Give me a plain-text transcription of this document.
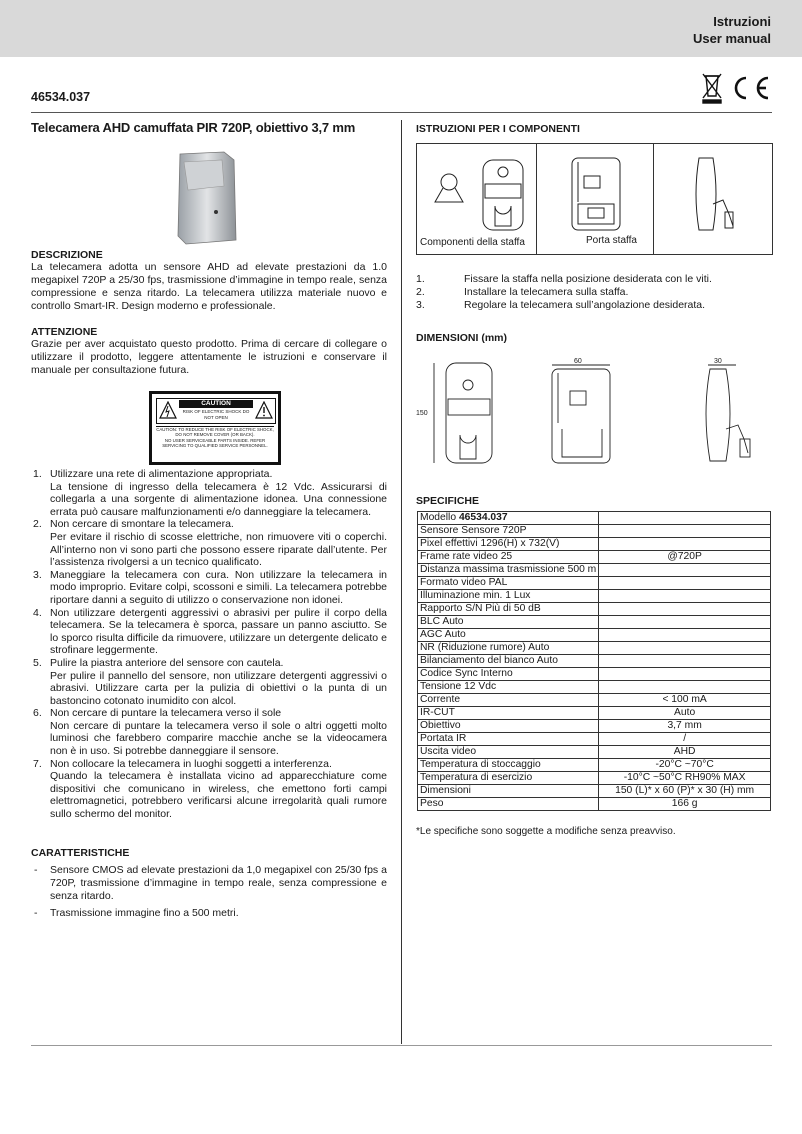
Istruzioni
User manual
46534.037
Telecamera AHD camuffata PIR 720P, obiettivo 3,7 mm
DESCRIZIONE
La telecamera adotta un sensore AHD ad elevate prestazioni da 1.0 megapixel 720P a 25/30 fps, trasmissione d’immagine in tempo reale, senza compressione e senza ritardo. La telecamera utilizza materiale nuovo e controllo Smart-IR. Design moderno e professionale.
ATTENZIONE
Grazie per aver acquistato questo prodotto. Prima di cercare di collegare o utilizzare il prodotto, leggere attentamente le istruzioni e conservare il manuale per consultazione futura.
CAUTION
RISK OF ELECTRIC SHOCK DO NOT OPEN
CAUTION: TO REDUCE THE RISK OF ELECTRIC SHOCK, DO NOT REMOVE COVER (OR BACK).
NO USER SERVICEABLE PARTS INSIDE. REFER SERVICING TO QUALIFIED SERVICE PERSONNEL.
1. Utilizzare una rete di alimentazione appropriata.
La tensione di ingresso della telecamera è 12 Vdc. Assicurarsi di collegarla a una sorgente di alimentazione idonea. Una connessione errata può causare malfunzionamenti e/o danneggiare la telecamera.
2. Non cercare di smontare la telecamera.
Per evitare il rischio di scosse elettriche, non rimuovere viti o coperchi. All’interno non vi sono parti che possono essere riparate dall’utente. Per l’assistenza rivolgersi a un tecnico qualificato.
3. Maneggiare la telecamera con cura. Non utilizzare la telecamera in modo improprio. Evitare colpi, scossoni e simili. La telecamera potrebbe riportare danni a seguito di utilizzo o conservazione non idonei.
4. Non utilizzare detergenti aggressivi o abrasivi per pulire il corpo della telecamera. Se la telecamera è sporca, passare un panno asciutto. Se lo sporco risulta difficile da rimuovere, utilizzare un detergente delicato e strofinare leggermente.
5. Pulire la piastra anteriore del sensore con cautela.
Per pulire il pannello del sensore, non utilizzare detergenti aggressivi o abrasivi. Utilizzare carta per la pulizia di obiettivi o la punta di un bastoncino cotonato inumidito con alcol.
6. Non cercare di puntare la telecamera verso il sole
Non cercare di puntare la telecamera verso il sole o altri oggetti molto luminosi che farebbero comparire macchie anche se la videocamera non è in uso. Si potrebbe danneggiare il sensore.
7. Non collocare la telecamera in luoghi soggetti a interferenza.
Quando la telecamera è installata vicino ad apparecchiature come dispositivi che comunicano in wireless, che emettono forti campi elettromagnetici, potrebbero verificarsi alcune irregolarità quali rumore sullo schermo del monitor.
CARATTERISTICHE
- Sensore CMOS ad elevate prestazioni da 1,0 megapixel con 25/30 fps a 720P, trasmissione d’immagine in tempo reale, senza compressione e senza ritardo.
- Trasmissione immagine fino a 500 metri.
ISTRUZIONI PER I COMPONENTI
Componenti della staffa	Porta staffa
1.	Fissare la staffa nella posizione desiderata con le viti.
2.	Installare la telecamera sulla staffa.
3.	Regolare la telecamera sull’angolazione desiderata.
DIMENSIONI (mm)
150
60	30
SPECIFICHE
Modello 46534.037	
Sensore Sensore 720P	
Pixel effettivi 1296(H) x 732(V)	
Frame rate video 25	@720P
Distanza massima trasmissione 500 m	
Formato video PAL	
Illuminazione min. 1 Lux	
Rapporto S/N Più di 50 dB	
BLC Auto	
AGC Auto	
NR (Riduzione rumore) Auto	
Bilanciamento del bianco Auto	
Codice Sync Interno	
Tensione 12 Vdc	
Corrente	< 100 mA
IR-CUT	Auto
Obiettivo	3,7 mm
Portata IR	/
Uscita video	AHD
Temperatura di stoccaggio	-20°C ~70°C
Temperatura di esercizio	-10°C ~50°C RH90% MAX
Dimensioni	150 (L)* x 60 (P)* x 30 (H) mm
Peso	166 g
*Le specifiche sono soggette a modifiche senza preavviso.
